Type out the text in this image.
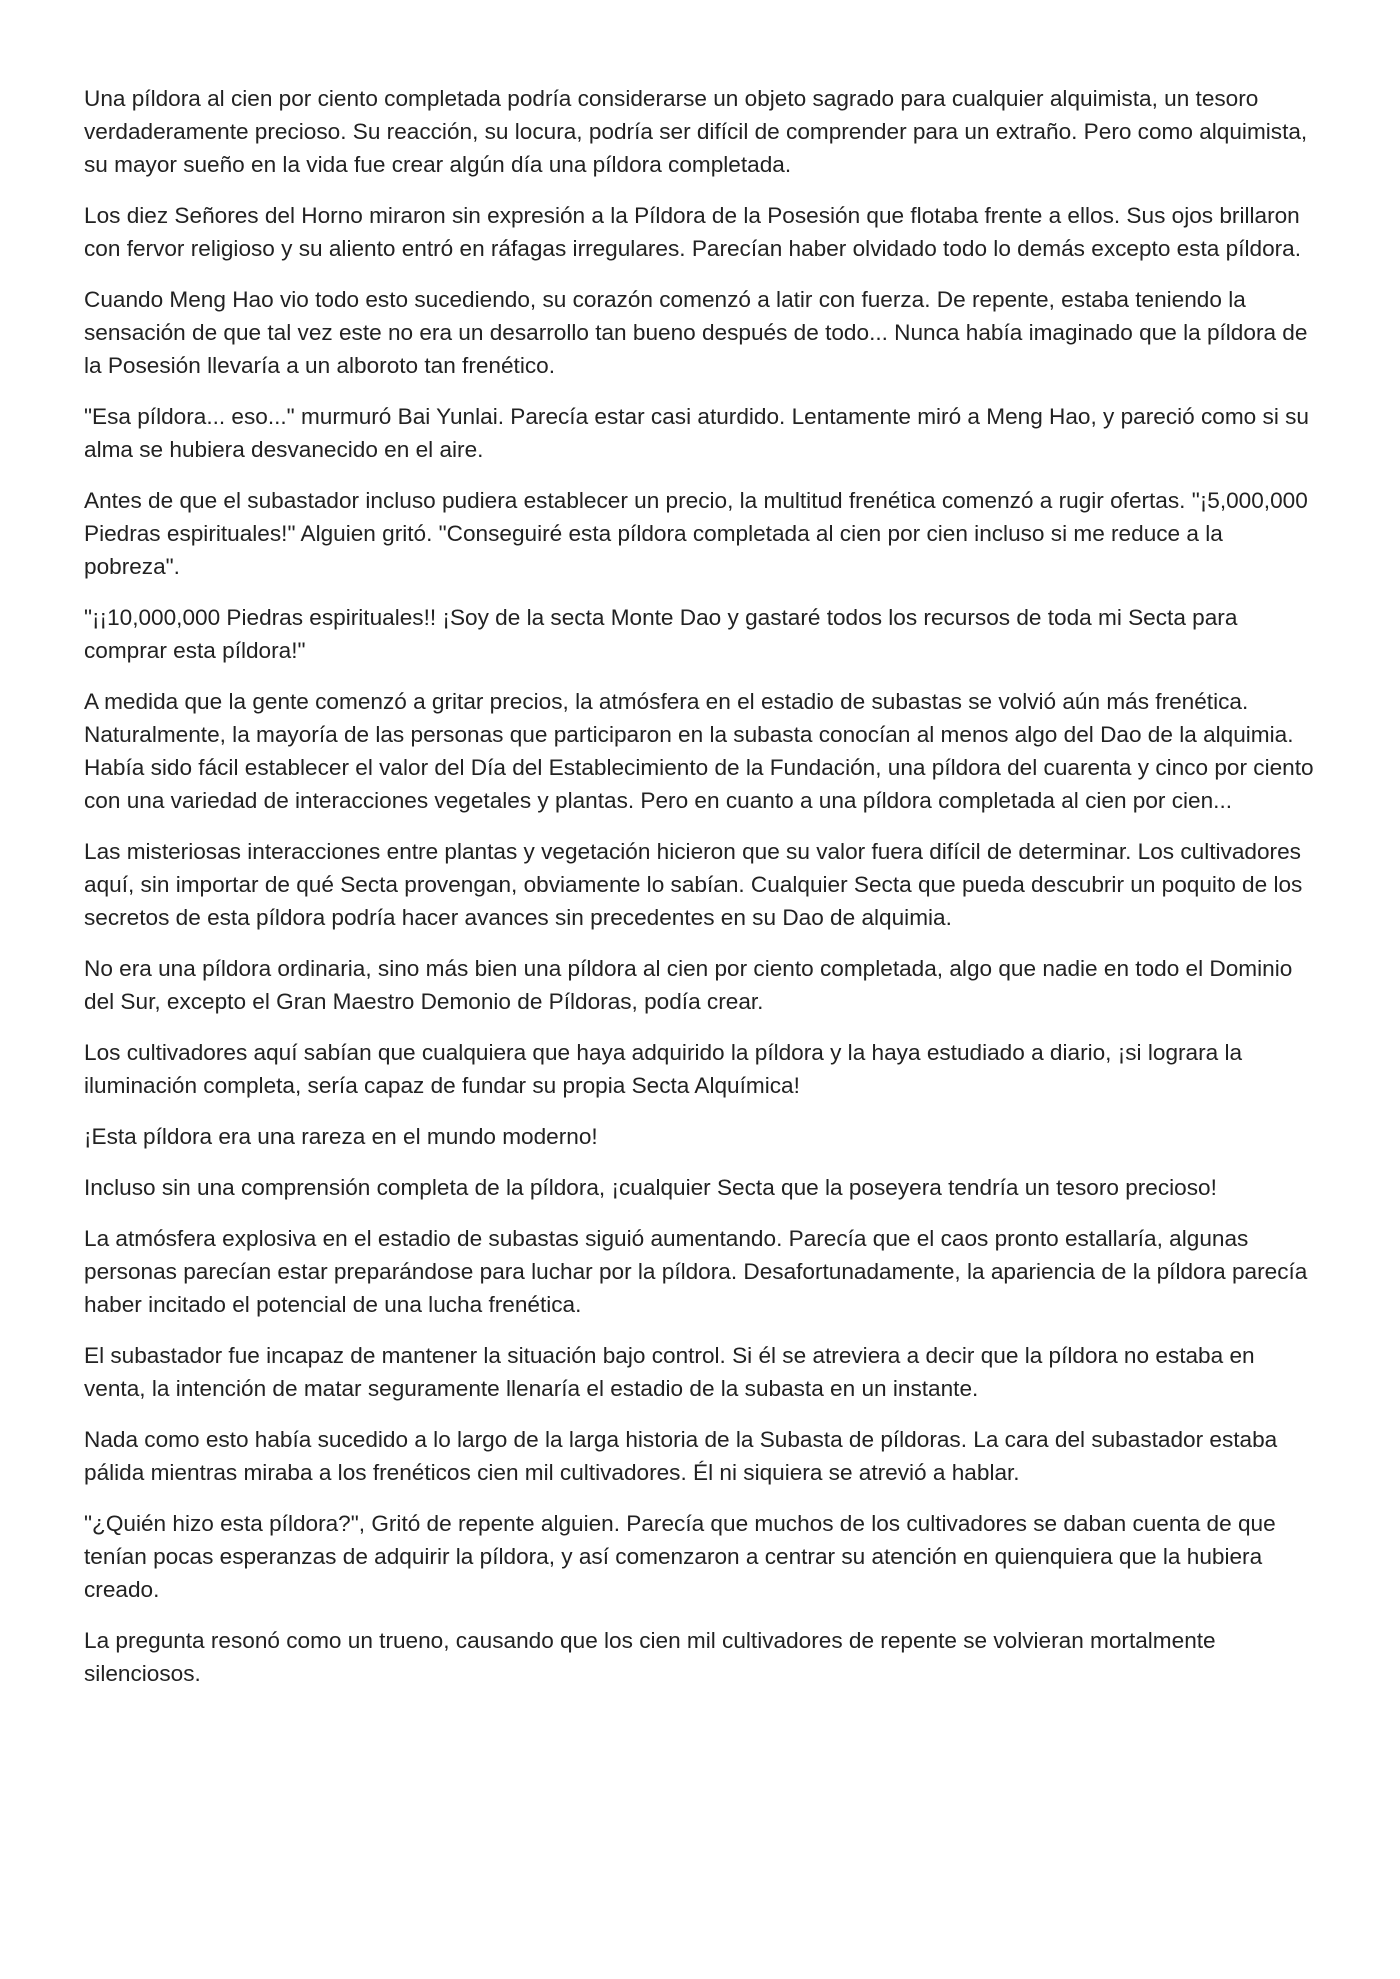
Una píldora al cien por ciento completada podría considerarse un objeto sagrado para cualquier alquimista, un tesoro verdaderamente precioso. Su reacción, su locura, podría ser difícil de comprender para un extraño. Pero como alquimista, su mayor sueño en la vida fue crear algún día una píldora completada.

Los diez Señores del Horno miraron sin expresión a la Píldora de la Posesión que flotaba frente a ellos. Sus ojos brillaron con fervor religioso y su aliento entró en ráfagas irregulares. Parecían haber olvidado todo lo demás excepto esta píldora.

Cuando Meng Hao vio todo esto sucediendo, su corazón comenzó a latir con fuerza. De repente, estaba teniendo la sensación de que tal vez este no era un desarrollo tan bueno después de todo... Nunca había imaginado que la píldora de la Posesión llevaría a un alboroto tan frenético.

"Esa píldora... eso..." murmuró Bai Yunlai. Parecía estar casi aturdido. Lentamente miró a Meng Hao, y pareció como si su alma se hubiera desvanecido en el aire.

Antes de que el subastador incluso pudiera establecer un precio, la multitud frenética comenzó a rugir ofertas. "¡5,000,000 Piedras espirituales!" Alguien gritó. "Conseguiré esta píldora completada al cien por cien incluso si me reduce a la pobreza".

"¡¡10,000,000 Piedras espirituales!! ¡Soy de la secta Monte Dao y gastaré todos los recursos de toda mi Secta para comprar esta píldora!"

A medida que la gente comenzó a gritar precios, la atmósfera en el estadio de subastas se volvió aún más frenética. Naturalmente, la mayoría de las personas que participaron en la subasta conocían al menos algo del Dao de la alquimia. Había sido fácil establecer el valor del Día del Establecimiento de la Fundación, una píldora del cuarenta y cinco por ciento con una variedad de interacciones vegetales y plantas. Pero en cuanto a una píldora completada al cien por cien...

Las misteriosas interacciones entre plantas y vegetación hicieron que su valor fuera difícil de determinar. Los cultivadores aquí, sin importar de qué Secta provengan, obviamente lo sabían. Cualquier Secta que pueda descubrir un poquito de los secretos de esta píldora podría hacer avances sin precedentes en su Dao de alquimia.

No era una píldora ordinaria, sino más bien una píldora al cien por ciento completada, algo que nadie en todo el Dominio del Sur, excepto el Gran Maestro Demonio de Píldoras, podía crear.

Los cultivadores aquí sabían que cualquiera que haya adquirido la píldora y la haya estudiado a diario, ¡si lograra la iluminación completa, sería capaz de fundar su propia Secta Alquímica!

¡Esta píldora era una rareza en el mundo moderno!

Incluso sin una comprensión completa de la píldora, ¡cualquier Secta que la poseyera tendría un tesoro precioso!

La atmósfera explosiva en el estadio de subastas siguió aumentando. Parecía que el caos pronto estallaría, algunas personas parecían estar preparándose para luchar por la píldora. Desafortunadamente, la apariencia de la píldora parecía haber incitado el potencial de una lucha frenética.

El subastador fue incapaz de mantener la situación bajo control. Si él se atreviera a decir que la píldora no estaba en venta, la intención de matar seguramente llenaría el estadio de la subasta en un instante.

Nada como esto había sucedido a lo largo de la larga historia de la Subasta de píldoras. La cara del subastador estaba pálida mientras miraba a los frenéticos cien mil cultivadores. Él ni siquiera se atrevió a hablar.

"¿Quién hizo esta píldora?", Gritó de repente alguien. Parecía que muchos de los cultivadores se daban cuenta de que tenían pocas esperanzas de adquirir la píldora, y así comenzaron a centrar su atención en quienquiera que la hubiera creado.

La pregunta resonó como un trueno, causando que los cien mil cultivadores de repente se volvieran mortalmente silenciosos.
